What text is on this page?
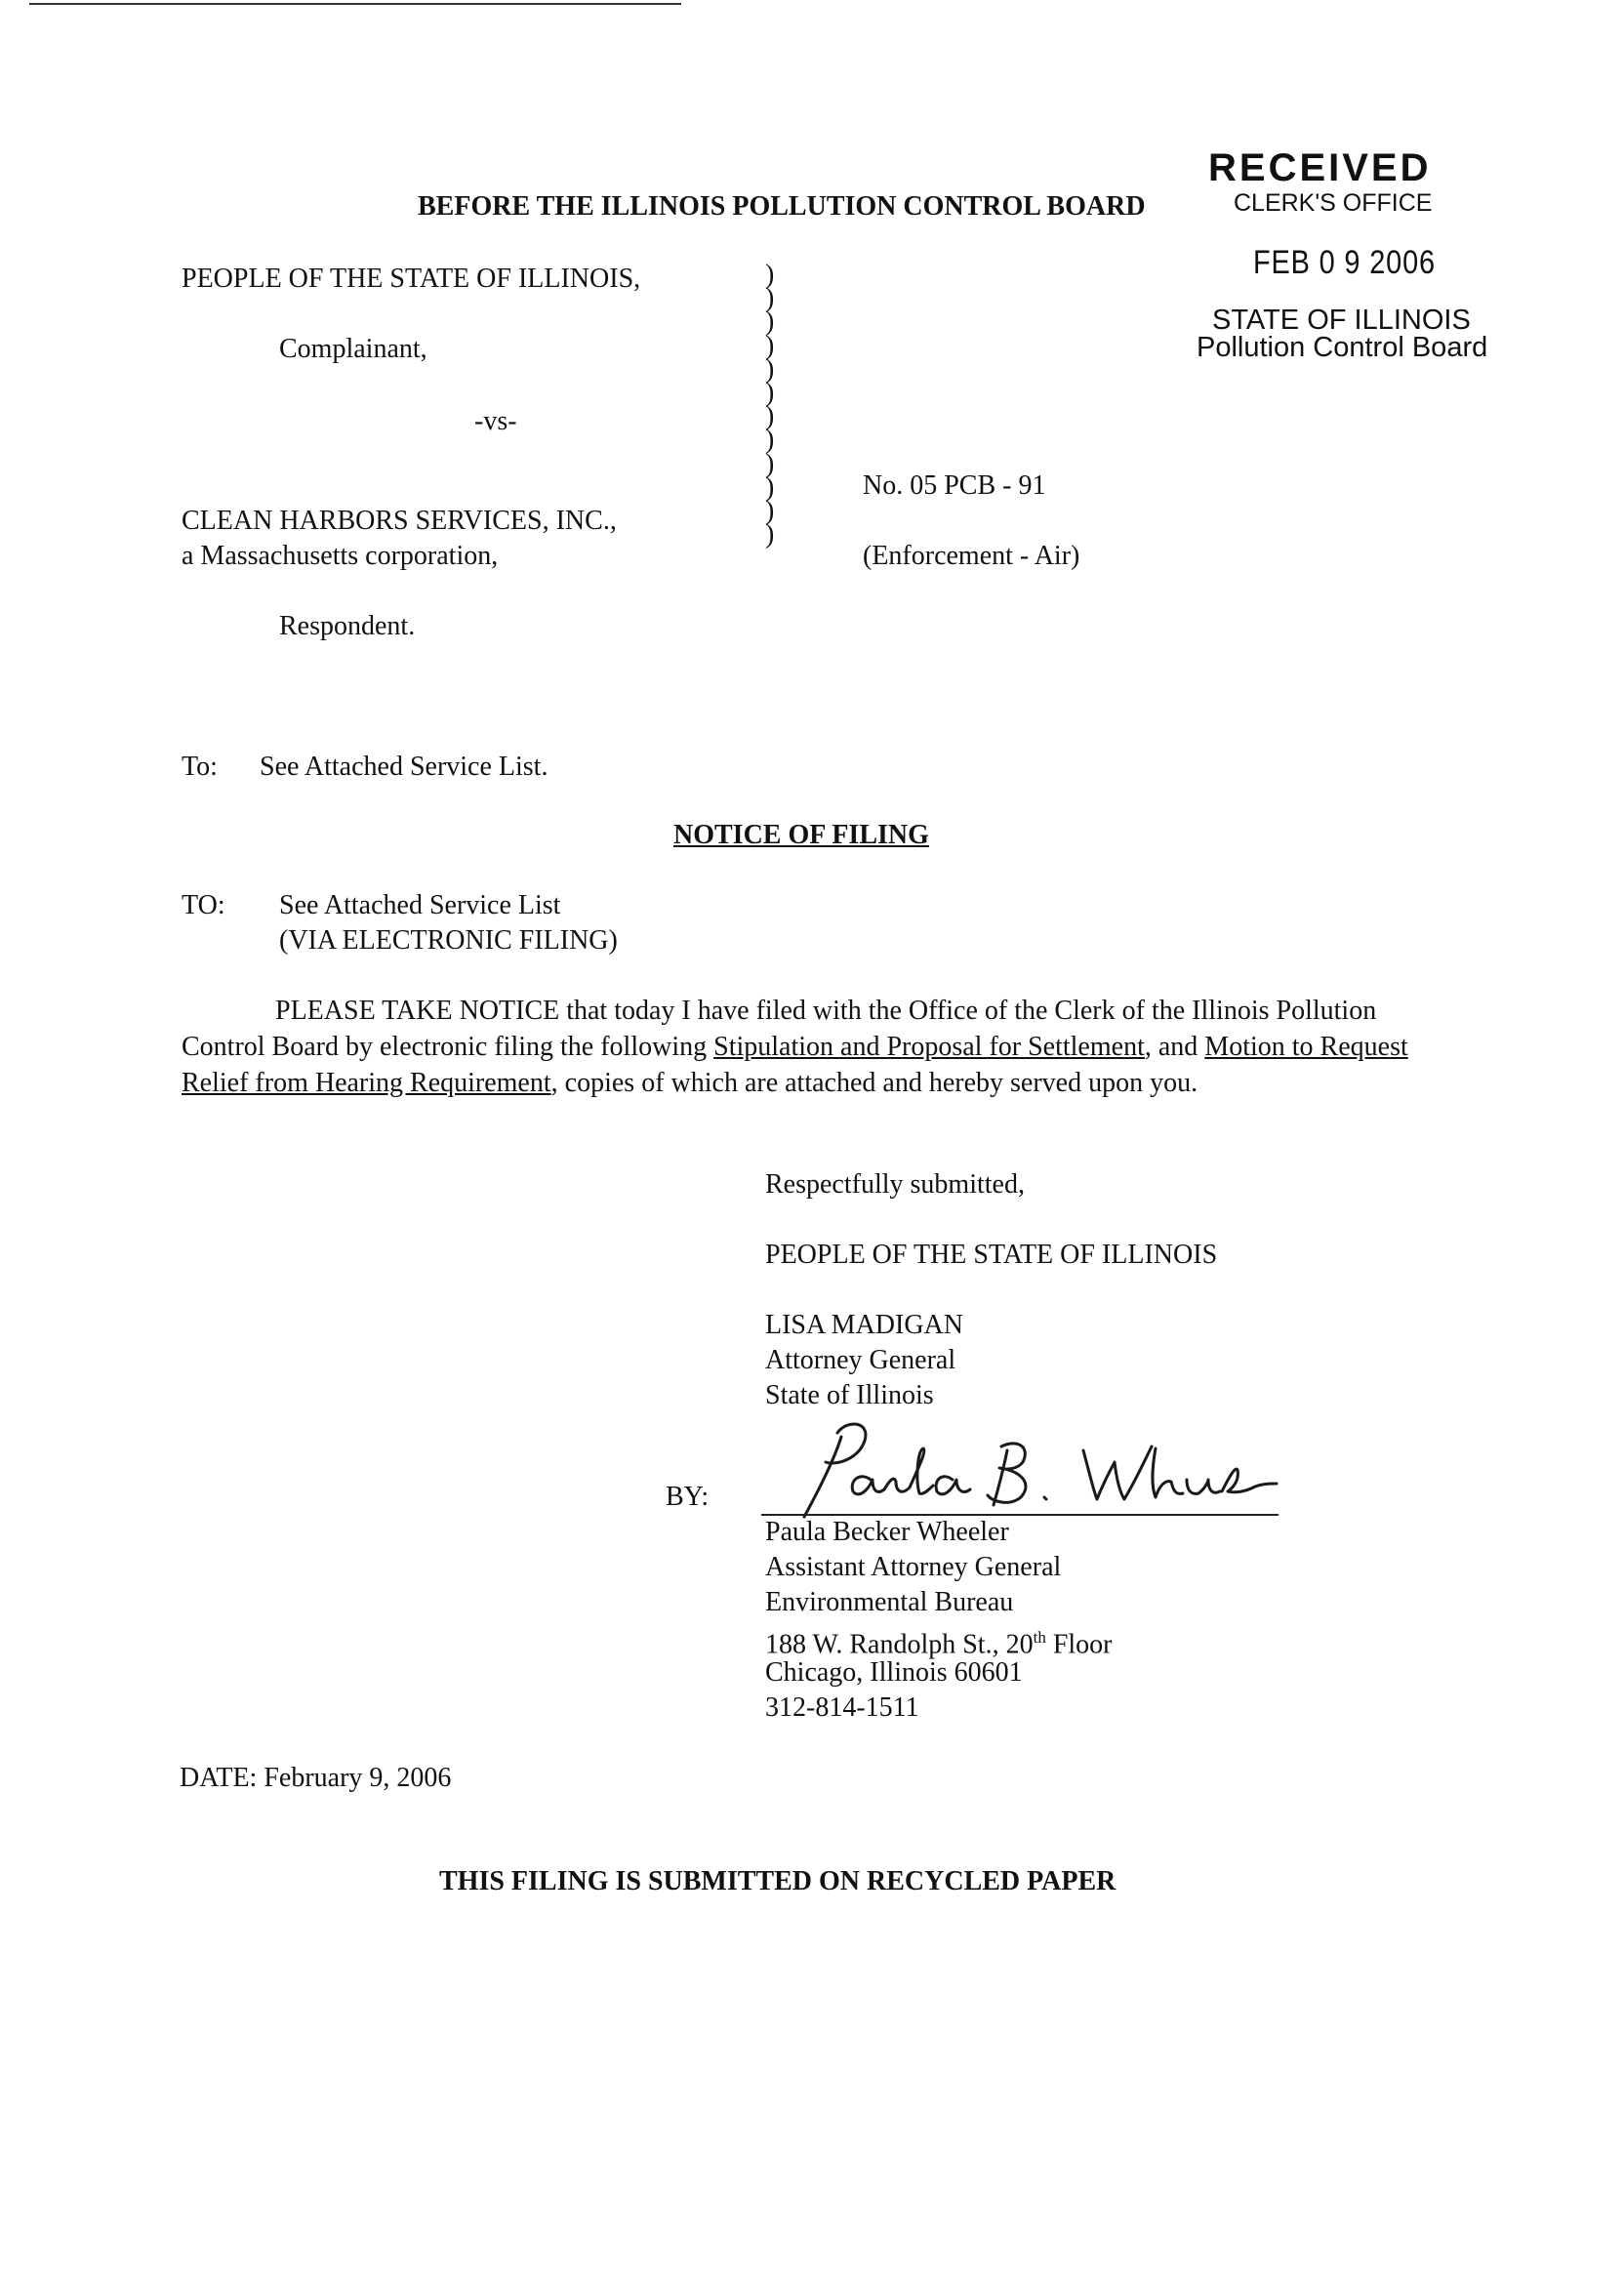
RECEIVED
CLERK'S OFFICE
FEB 0 9 2006
STATE OF ILLINOIS
Pollution Control Board
BEFORE THE ILLINOIS POLLUTION CONTROL BOARD
PEOPLE OF THE STATE OF ILLINOIS,
Complainant,
-vs-
CLEAN HARBORS SERVICES, INC.,
a Massachusetts corporation,
Respondent.
)
)
)
)
)
)
)
)
)
)
)
)
No. 05 PCB - 91
(Enforcement - Air)
To: See Attached Service List.
NOTICE OF FILING
TO: See Attached Service List
(VIA ELECTRONIC FILING)
PLEASE TAKE NOTICE that today I have filed with the Office of the Clerk of the Illinois Pollution Control Board by electronic filing the following Stipulation and Proposal for Settlement, and Motion to Request Relief from Hearing Requirement, copies of which are attached and hereby served upon you.
Respectfully submitted,
PEOPLE OF THE STATE OF ILLINOIS
LISA MADIGAN
Attorney General
State of Illinois
BY:
Paula Becker Wheeler
Assistant Attorney General
Environmental Bureau
188 W. Randolph St., 20th Floor
Chicago, Illinois 60601
312-814-1511
DATE: February 9, 2006
THIS FILING IS SUBMITTED ON RECYCLED PAPER
